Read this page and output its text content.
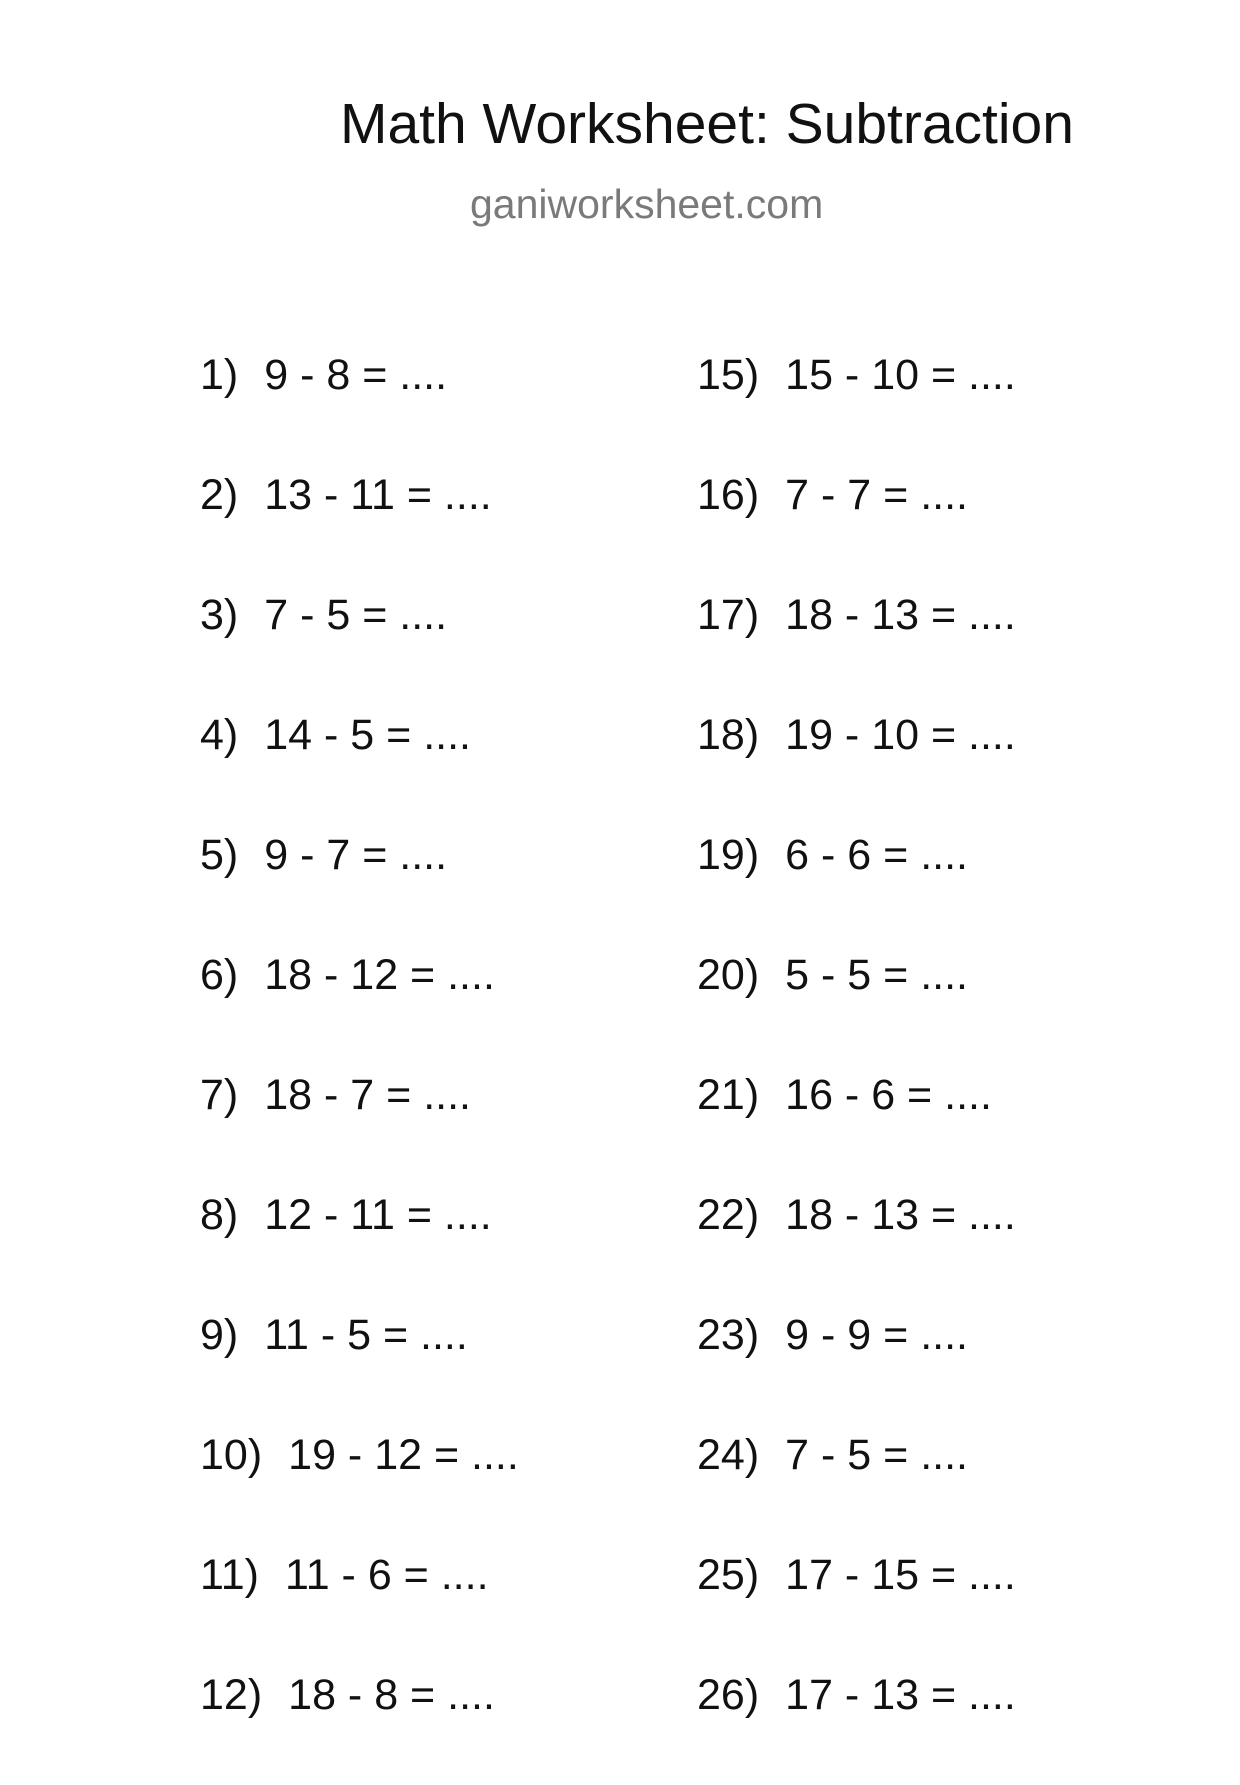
Math Worksheet: Subtraction
ganiworksheet.com
1) 9 - 8 = ....
2) 13 - 11 = ....
3) 7 - 5 = ....
4) 14 - 5 = ....
5) 9 - 7 = ....
6) 18 - 12 = ....
7) 18 - 7 = ....
8) 12 - 11 = ....
9) 11 - 5 = ....
10) 19 - 12 = ....
11) 11 - 6 = ....
12) 18 - 8 = ....
15) 15 - 10 = ....
16) 7 - 7 = ....
17) 18 - 13 = ....
18) 19 - 10 = ....
19) 6 - 6 = ....
20) 5 - 5 = ....
21) 16 - 6 = ....
22) 18 - 13 = ....
23) 9 - 9 = ....
24) 7 - 5 = ....
25) 17 - 15 = ....
26) 17 - 13 = ....
